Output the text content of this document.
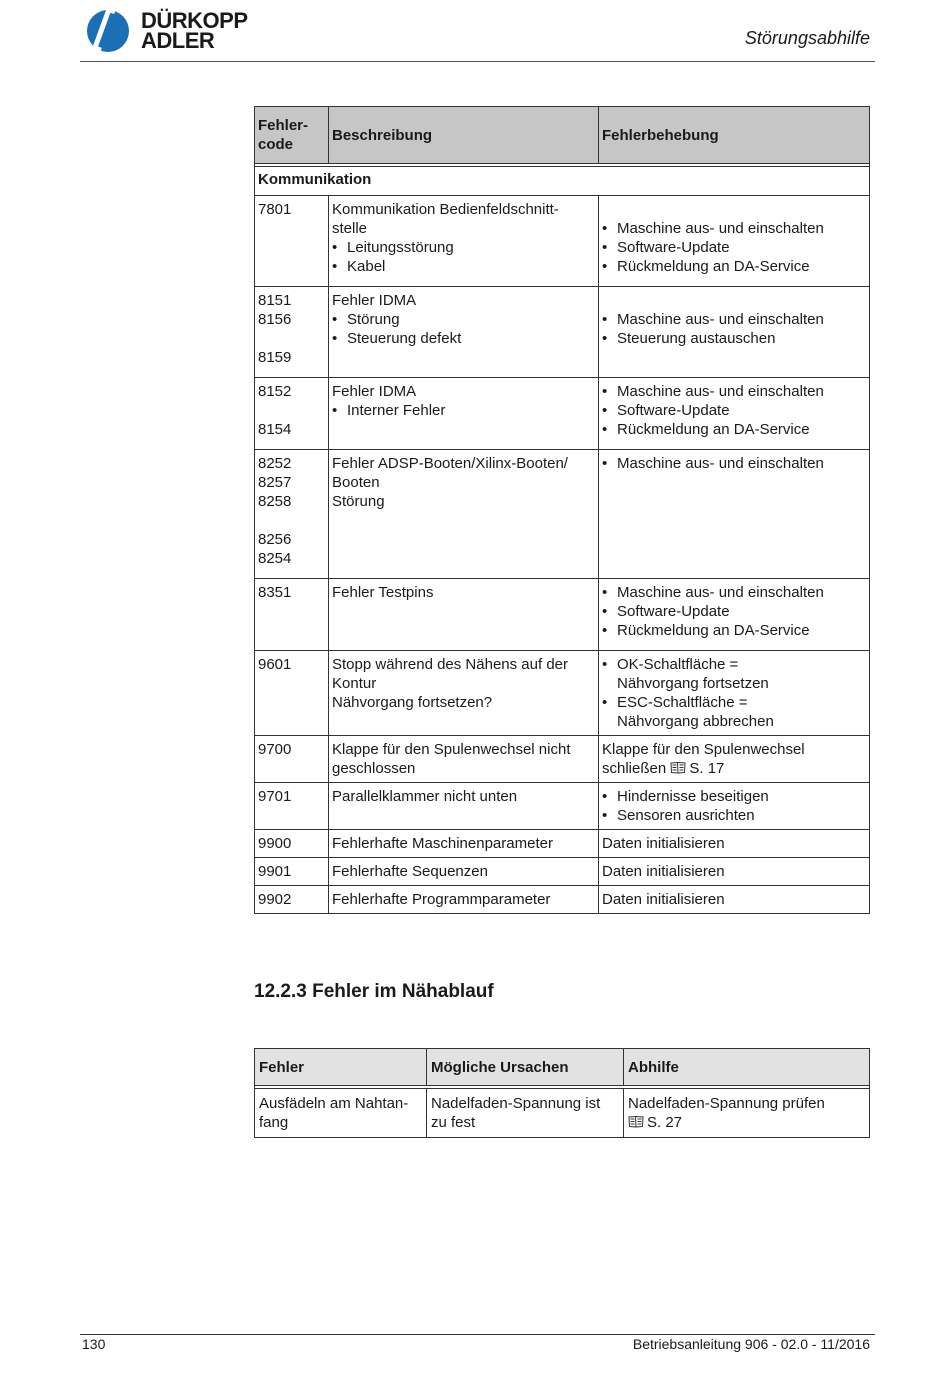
DÜRKOPP
ADLER	Störungsabhilfe
Fehler-
code	Beschreibung	Fehlerbehebung

Kommunikation		

7801	Kommunikation Bedienfeldschnitt-
stelle
• Leitungsstörung
• Kabel	• Maschine aus- und einschalten
• Software-Update
• Rückmeldung an DA-Service

8151
8156
8159	Fehler IDMA
• Störung
• Steuerung defekt	• Maschine aus- und einschalten
• Steuerung austauschen

8152
8154	Fehler IDMA
• Interner Fehler	• Maschine aus- und einschalten
• Software-Update
• Rückmeldung an DA-Service

8252
8257
8258
8256
8254	Fehler ADSP-Booten/Xilinx-Booten/
Booten
Störung	• Maschine aus- und einschalten

8351	Fehler Testpins	• Maschine aus- und einschalten
• Software-Update
• Rückmeldung an DA-Service

9601	Stopp während des Nähens auf der
Kontur
Nähvorgang fortsetzen?	• OK-Schaltfläche =
Nähvorgang fortsetzen
• ESC-Schaltfläche =
Nähvorgang abbrechen

9700	Klappe für den Spulenwechsel nicht
geschlossen	Klappe für den Spulenwechsel
schließen S. 17

9701	Parallelklammer nicht unten	• Hindernisse beseitigen
• Sensoren ausrichten

9900	Fehlerhafte Maschinenparameter	Daten initialisieren

9901	Fehlerhafte Sequenzen	Daten initialisieren

9902	Fehlerhafte Programmparameter	Daten initialisieren
12.2.3 Fehler im Nähablauf
Fehler	Mögliche Ursachen	Abhilfe

Ausfädeln am Nahtan-
fang	Nadelfaden-Spannung ist
zu fest	Nadelfaden-Spannung prüfen
S. 27
130	Betriebsanleitung 906 - 02.0 - 11/2016
